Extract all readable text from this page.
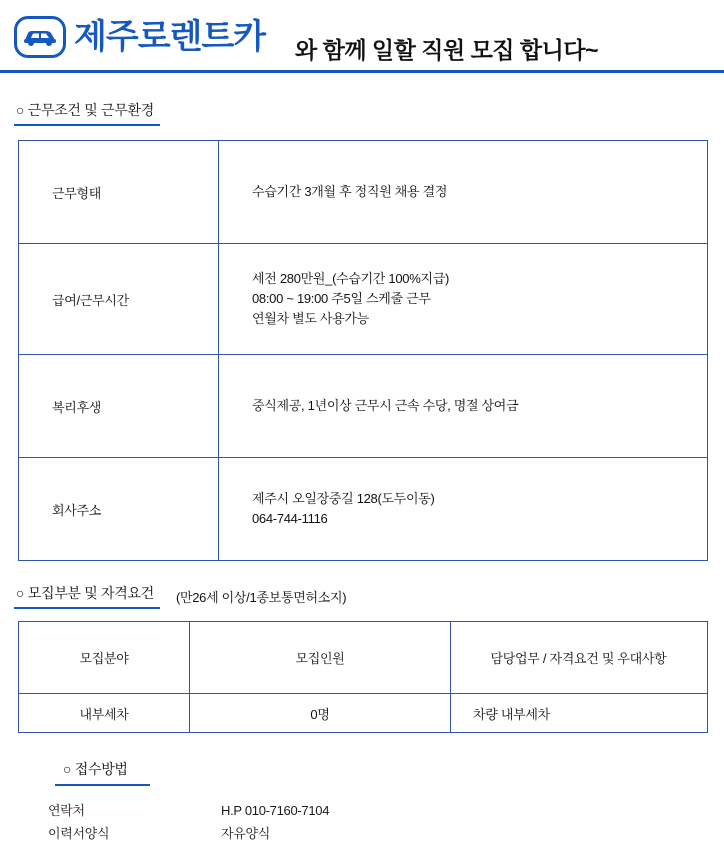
제주로렌트카 와 함께 일할 직원 모집 합니다~
○ 근무조건 및 근무환경
근무형태	수습기간 3개월 후 정직원 채용 결정

급여/근무시간	세전 280만원_(수습기간 100%지급)
08:00 ~ 19:00 주5일 스케줄 근무
연월차 별도 사용가능

복리후생	중식제공, 1년이상 근무시 근속 수당, 명절 상여금

회사주소	제주시 오일장중길 128(도두이동)
064-744-1116
○ 모집부분 및 자격요건	(만26세 이상/1종보통면허소지)
모집분야	모집인원	담당업무 / 자격요건 및 우대사항
내부세차	0명	차량 내부세차
○ 접수방법
연락처	H.P 010-7160-7104
이력서양식	자유양식
